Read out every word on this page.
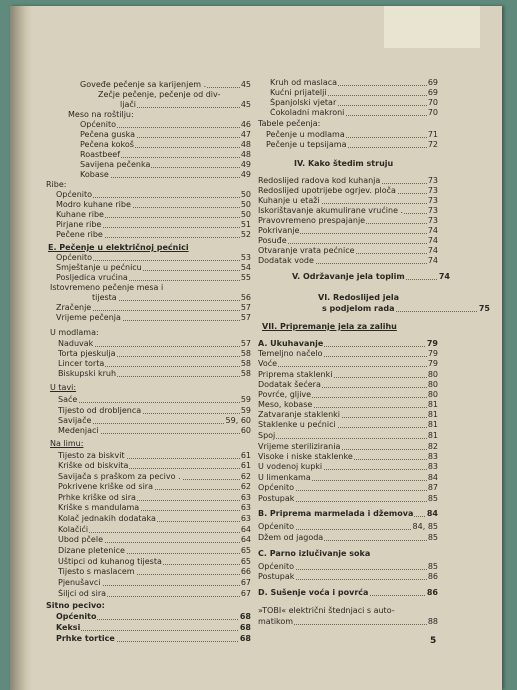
Goveđe pečenje sa karijenjem .	45
Zečje pečenje, pečenje od div-
ljači	45
Meso na roštilju:
Općenito	46
Pečena guska	47
Pečena kokoš	48
Roastbeef	48
Savijena pečenka	49
Kobase	49
Ribe:
Općenito	50
Modro kuhane ribe	50
Kuhane ribe	50
Pirjane ribe	51
Pečene ribe	52
E. Pečenje u električnoj pećnici
Općenito	53
Smještanje u pećnicu	54
Posljedica vrućina	55
Istovremeno pečenje mesa i
tijesta	56
Zračenje	57
Vrijeme pečenja	57
U modlama:
Naduvak	57
Torta pjeskulja	58
Lincer torta	58
Biskupski kruh	58
U tavi:
Saće	59
Tijesto od drobljenca	59
Savijače	59, 60
Medenjaci	60
Na limu:
Tijesto za biskvit	61
Kriške od biskvita	61
Savijača s praškom za pecivo .	62
Pokrivene kriške od sira	62
Prhke kriške od sira	63
Kriške s mandulama	63
Kolač jednakih dodataka	63
Kolačići	64
Ubod pčele	64
Dizane pletenice	65
Uštipci od kuhanog tijesta	65
Tijesto s maslacem	66
Pjenušavci	67
Šiljci od sira	67
Sitno pecivo:
Općenito	68
Keksi	68
Prhke tortice	68
Kruh od maslaca	69
Kućni prijatelji	69
Španjolski vjetar	70
Čokoladni makroni	70
Tabele pečenja:
Pečenje u modlama	71
Pečenje u tepsijama	72
IV. Kako štedim struju
Redoslijed radova kod kuhanja	73
Redoslijed upotrijebe ogrjev. ploča	73
Kuhanje u etaži	73
Iskorištavanje akumulirane vrućine .	73
Pravovremeno prespajanje	73
Pokrivanje	74
Posuđe	74
Otvaranje vrata pećnice	74
Dodatak vode	74
V. Održavanje jela toplim	74
VI. Redoslijed jela
s podjelom rada	75
VII. Pripremanje jela za zalihu
A. Ukuhavanje	79
Temeljno načelo	79
Voće	79
Priprema staklenki	80
Dodatak šećera	80
Povrće, gljive	80
Meso, kobase	81
Zatvaranje staklenki	81
Staklenke u pećnici	81
Spoj	81
Vrijeme sterilizirania	82
Visoke i niske staklenke	83
U vodenoj kupki	83
U limenkama	84
Općenito	87
Postupak	85
B. Priprema marmelada i džemova 84
Općenito	84, 85
Džem od jagoda	85
C. Parno izlučivanje soka
Općenito	85
Postupak	86
D. Sušenje voća i povrća	86
»TOBI« električni štednjaci s auto-
matikom	88
5
